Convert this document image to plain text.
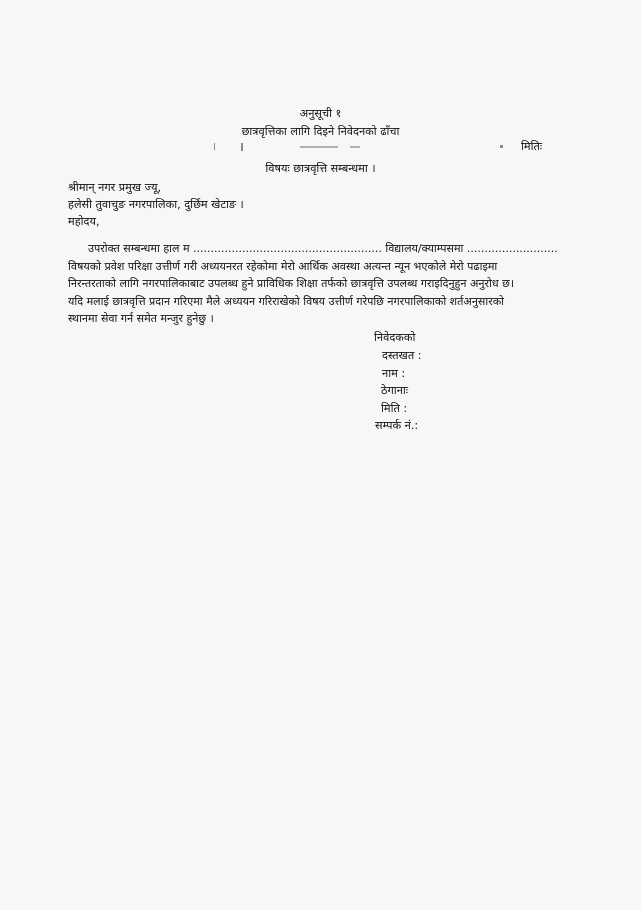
अनुसूची १
छात्रवृत्तिका लागि दिइने निवेदनको ढाँचा
मितिः
विषयः छात्रवृत्ति सम्बन्धमा ।
श्रीमान् नगर प्रमुख ज्यू,
हलेसी तुवाचुङ नगरपालिका, दुर्छिम खेटाङ ।
महोदय,
उपरोक्त सम्बन्धमा हाल म ...................................................... विद्यालय/क्याम्पसमा ..........................
विषयको प्रवेश परिक्षा उत्तीर्ण गरी अध्ययनरत रहेकोमा मेरो आर्थिक अवस्था अत्यन्त न्यून भएकोले मेरो पढाइमा
निरन्तरताको लागि नगरपालिकाबाट उपलब्ध हुने प्राविधिक शिक्षा तर्फको छात्रवृत्ति उपलब्ध गराइदिनुहुन अनुरोध छ।
यदि मलाई छात्रवृत्ति प्रदान गरिएमा मैले अध्ययन गरिराखेको विषय उत्तीर्ण गरेपछि नगरपालिकाको शर्तअनुसारको
स्थानमा सेवा गर्न समेत मन्जुर हुनेछु ।
निवेदकको
दस्तखत :
नाम :
ठेगानाः
मिति :
सम्पर्क नं.:
